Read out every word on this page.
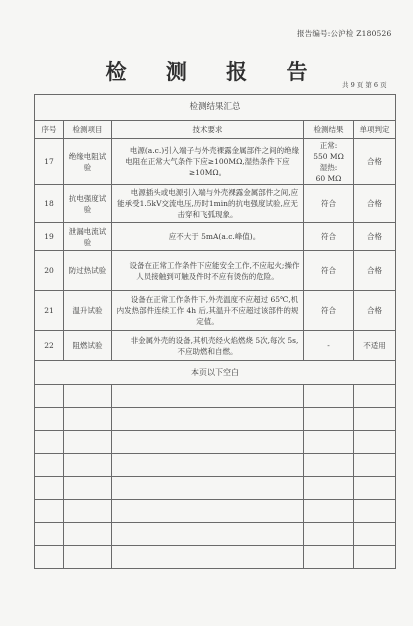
报告编号:公沪检 Z180526
检 测 报 告
共 9 页 第 6 页
检测结果汇总				
序号	检测项目	技术要求	检测结果	单项判定
17	绝缘电阻试验	电源(a.c.)引入端子与外壳裸露金属部件之间的绝缘电阻在正常大气条件下应≥100MΩ,湿热条件下应≥10MΩ。	正常:
550 MΩ
湿热:
60 MΩ	合格
18	抗电强度试验	电源插头或电源引入端与外壳裸露金属部件之间,应能承受1.5kV交流电压,历时1min的抗电强度试验,应无击穿和飞弧现象。	符合	合格
19	泄漏电流试验	应不大于 5mA(a.c.峰值)。	符合	合格
20	防过热试验	设备在正常工作条件下应能安全工作,不应起火;操作人员接触到可触及件时不应有烫伤的危险。	符合	合格
21	温升试验	设备在正常工作条件下,外壳温度不应超过 65℃,机内发热部件连续工作 4h 后,其温升不应超过该部件的规定值。	符合	合格
22	阻燃试验	非金属外壳的设备,其机壳经火焰燃烧 5次,每次 5s,不应助燃和自燃。	-	不适用
本页以下空白				
